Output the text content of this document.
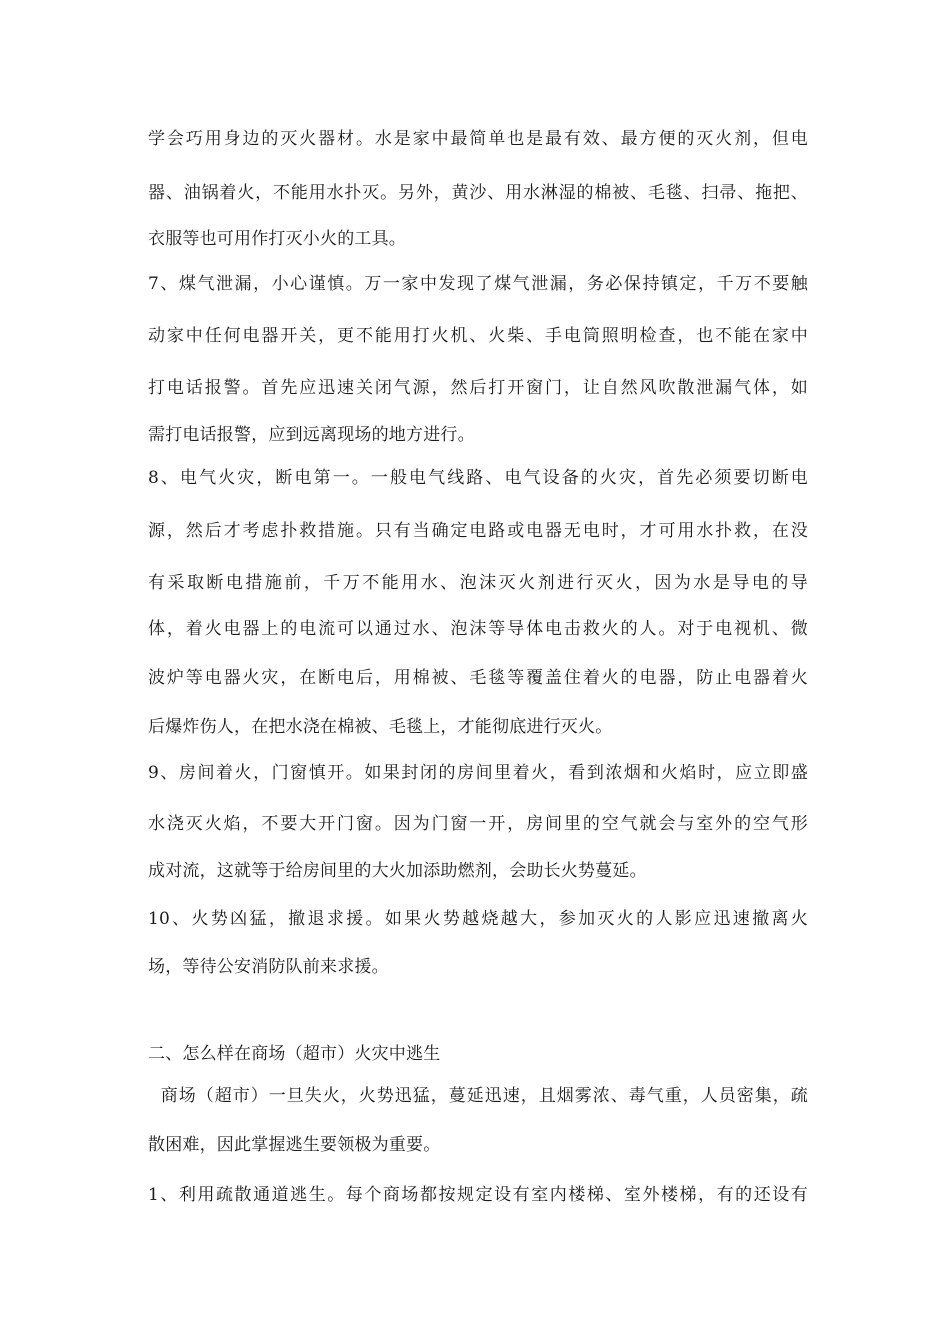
学会巧用身边的灭火器材。水是家中最简单也是最有效、最方便的灭火剂，但电
器、油锅着火，不能用水扑灭。另外，黄沙、用水淋湿的棉被、毛毯、扫帚、拖把、
衣服等也可用作打灭小火的工具。
7、煤气泄漏，小心谨慎。万一家中发现了煤气泄漏，务必保持镇定，千万不要触
动家中任何电器开关，更不能用打火机、火柴、手电筒照明检查，也不能在家中
打电话报警。首先应迅速关闭气源，然后打开窗门，让自然风吹散泄漏气体，如
需打电话报警，应到远离现场的地方进行。
8、电气火灾，断电第一。一般电气线路、电气设备的火灾，首先必须要切断电
源，然后才考虑扑救措施。只有当确定电路或电器无电时，才可用水扑救，在没
有采取断电措施前，千万不能用水、泡沫灭火剂进行灭火，因为水是导电的导
体，着火电器上的电流可以通过水、泡沫等导体电击救火的人。对于电视机、微
波炉等电器火灾，在断电后，用棉被、毛毯等覆盖住着火的电器，防止电器着火
后爆炸伤人，在把水浇在棉被、毛毯上，才能彻底进行灭火。
9、房间着火，门窗慎开。如果封闭的房间里着火，看到浓烟和火焰时，应立即盛
水浇灭火焰，不要大开门窗。因为门窗一开，房间里的空气就会与室外的空气形
成对流，这就等于给房间里的大火加添助燃剂，会助长火势蔓延。
10、火势凶猛，撤退求援。如果火势越烧越大，参加灭火的人影应迅速撤离火
场，等待公安消防队前来求援。
二、怎么样在商场（超市）火灾中逃生
商场（超市）一旦失火，火势迅猛，蔓延迅速，且烟雾浓、毒气重，人员密集，疏
散困难，因此掌握逃生要领极为重要。
1、利用疏散通道逃生。每个商场都按规定设有室内楼梯、室外楼梯，有的还设有
